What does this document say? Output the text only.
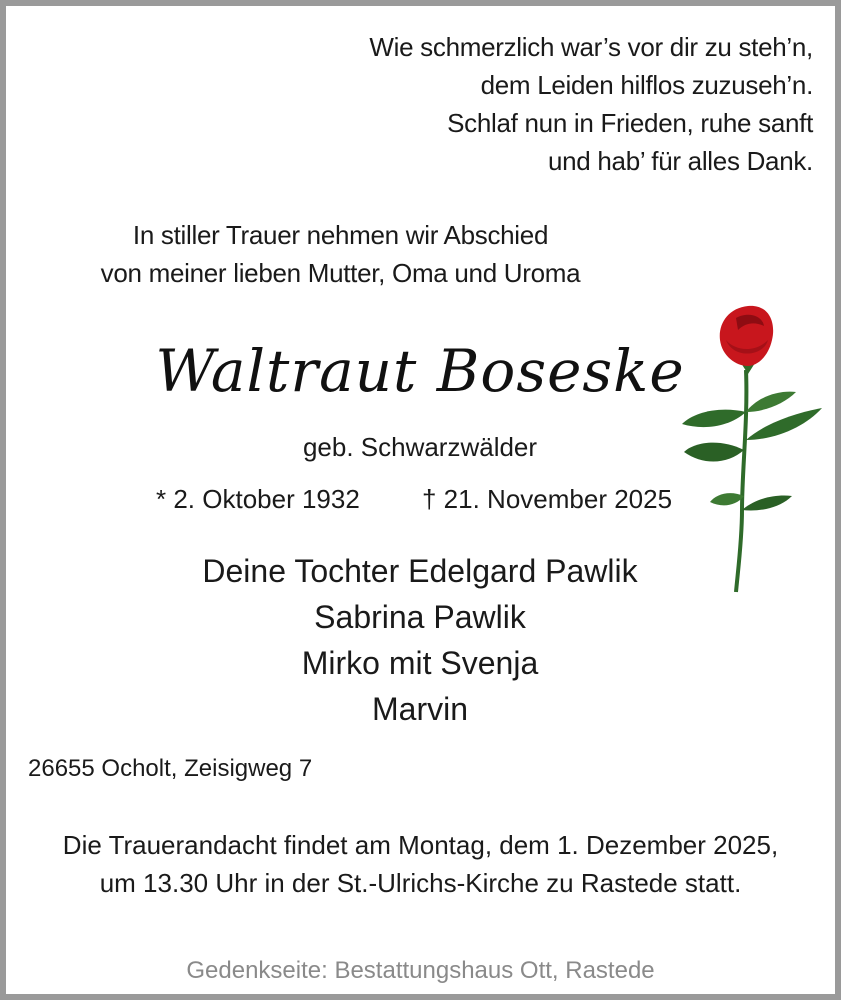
Wie schmerzlich war’s vor dir zu steh’n,
dem Leiden hilflos zuzuseh’n.
Schlaf nun in Frieden, ruhe sanft
und hab’ für alles Dank.
In stiller Trauer nehmen wir Abschied
von meiner lieben Mutter, Oma und Uroma
Waltraut Boseske
geb. Schwarzwälder
* 2. Oktober 1932 † 21. November 2025
Deine Tochter Edelgard Pawlik
Sabrina Pawlik
Mirko mit Svenja
Marvin
26655 Ocholt, Zeisigweg 7
Die Trauerandacht findet am Montag, dem 1. Dezember 2025,
um 13.30 Uhr in der St.-Ulrichs-Kirche zu Rastede statt.
Gedenkseite: Bestattungshaus Ott, Rastede
